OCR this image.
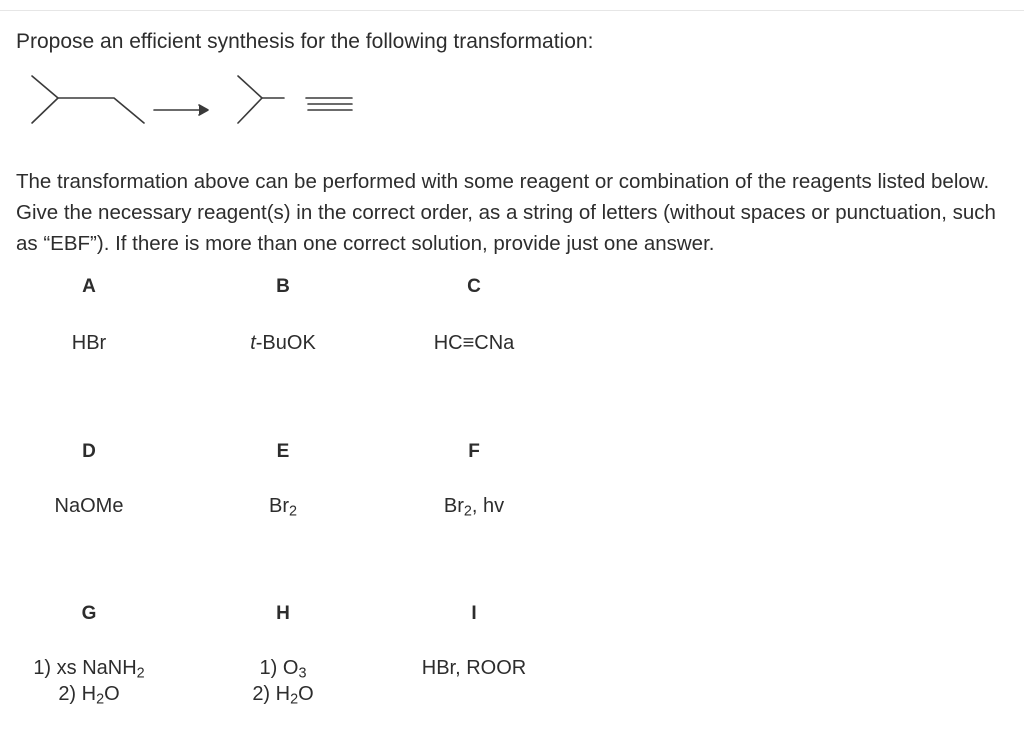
Propose an efficient synthesis for the following transformation:

The transformation above can be performed with some reagent or combination of the reagents listed below. Give the necessary reagent(s) in the correct order, as a string of letters (without spaces or punctuation, such as “EBF”). If there is more than one correct solution, provide just one answer.

A
HBr
B
t-BuOK
C
HC≡CNa
D
NaOMe
E
$Br_2$
F
$Br_2$, hv
G
1) xs NaNH$_2$
2) $H_2O$
H
1) $O_3$
2) $H_2O$
I
HBr, ROOR
